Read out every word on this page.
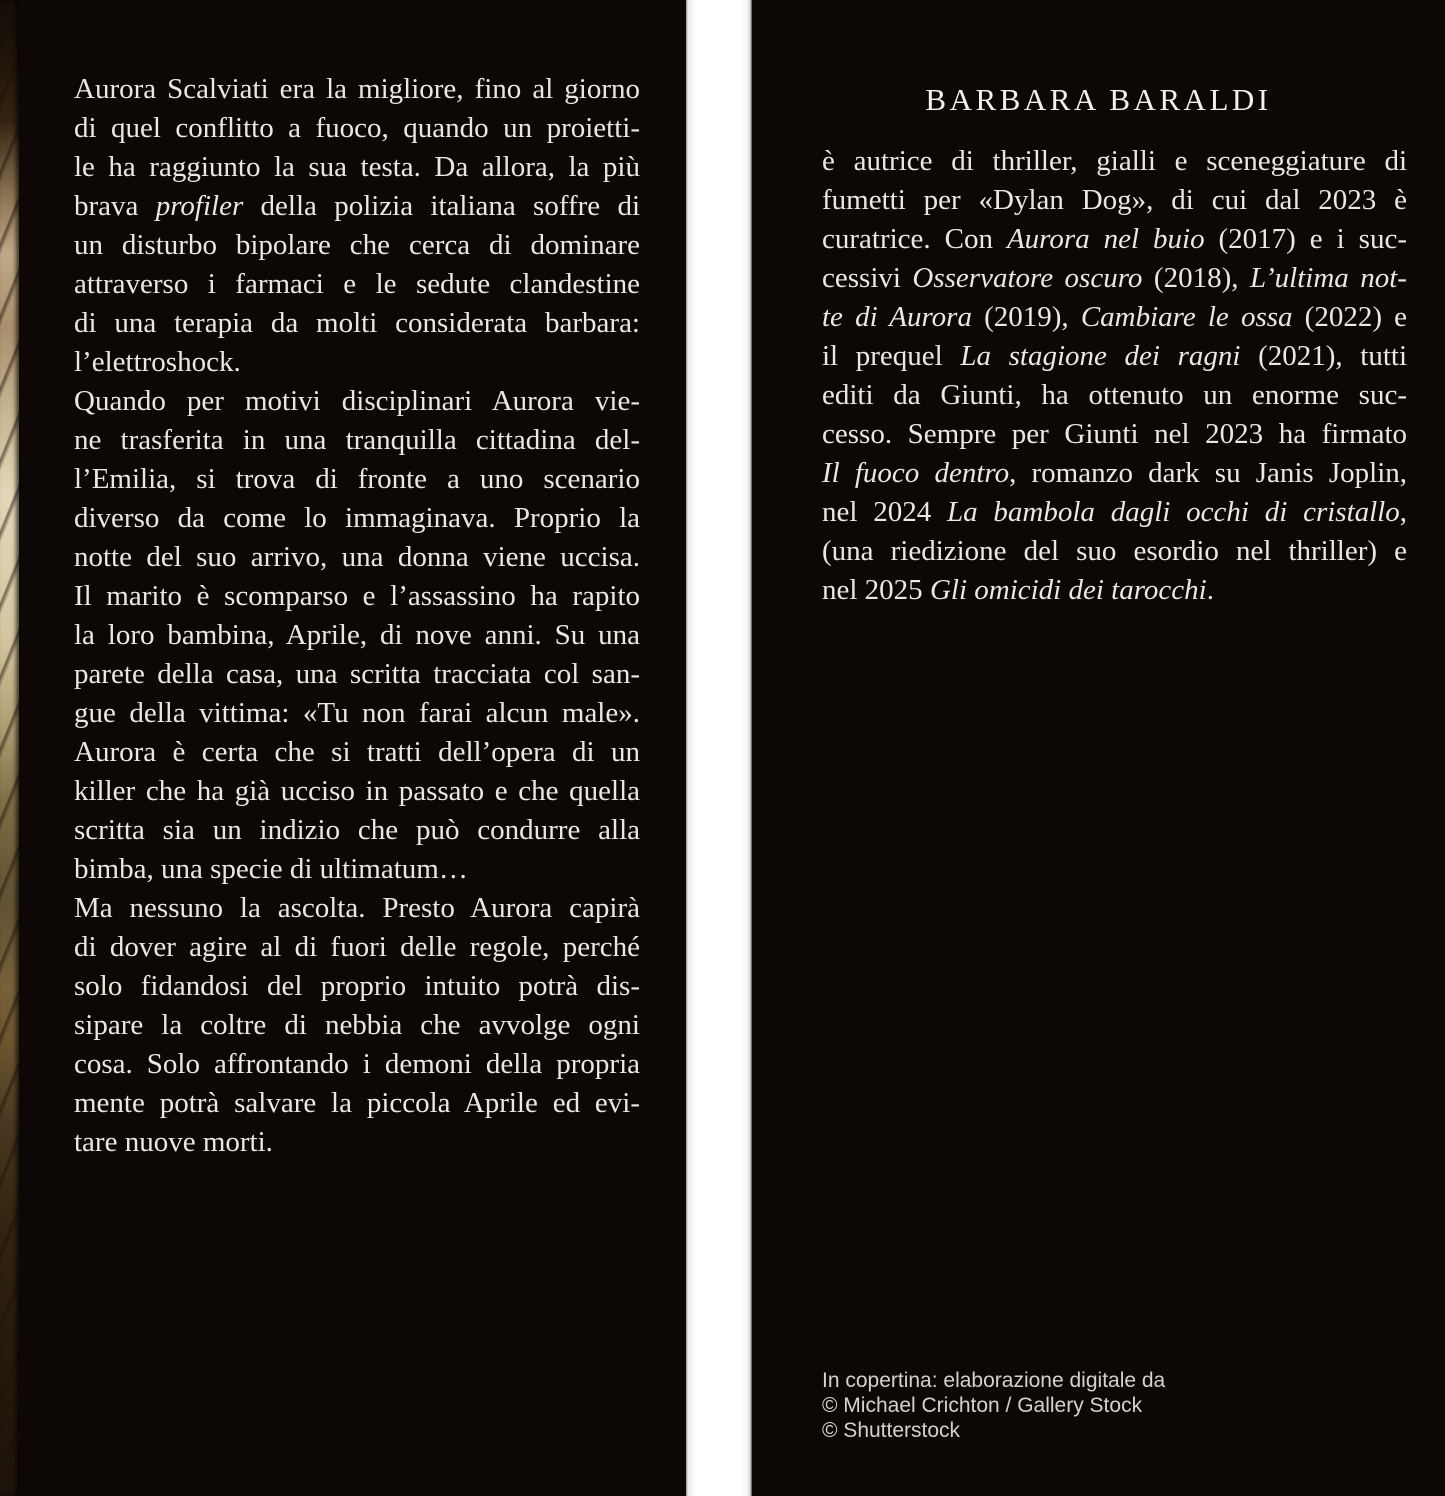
Aurora Scalviati era la migliore, fino al giorno
di quel conflitto a fuoco, quando un proietti-
le ha raggiunto la sua testa. Da allora, la più
brava profiler della polizia italiana soffre di
un disturbo bipolare che cerca di dominare
attraverso i farmaci e le sedute clandestine
di una terapia da molti considerata barbara:
l’elettroshock.
Quando per motivi disciplinari Aurora vie-
ne trasferita in una tranquilla cittadina del-
l’Emilia, si trova di fronte a uno scenario
diverso da come lo immaginava. Proprio la
notte del suo arrivo, una donna viene uccisa.
Il marito è scomparso e l’assassino ha rapito
la loro bambina, Aprile, di nove anni. Su una
parete della casa, una scritta tracciata col san-
gue della vittima: «Tu non farai alcun male».
Aurora è certa che si tratti dell’opera di un
killer che ha già ucciso in passato e che quella
scritta sia un indizio che può condurre alla
bimba, una specie di ultimatum…
Ma nessuno la ascolta. Presto Aurora capirà
di dover agire al di fuori delle regole, perché
solo fidandosi del proprio intuito potrà dis-
sipare la coltre di nebbia che avvolge ogni
cosa. Solo affrontando i demoni della propria
mente potrà salvare la piccola Aprile ed evi-
tare nuove morti.
BARBARA BARALDI
è autrice di thriller, gialli e sceneggiature di
fumetti per «Dylan Dog», di cui dal 2023 è
curatrice. Con Aurora nel buio (2017) e i suc-
cessivi Osservatore oscuro (2018), L’ultima not-
te di Aurora (2019), Cambiare le ossa (2022) e
il prequel La stagione dei ragni (2021), tutti
editi da Giunti, ha ottenuto un enorme suc-
cesso. Sempre per Giunti nel 2023 ha firmato
Il fuoco dentro, romanzo dark su Janis Joplin,
nel 2024 La bambola dagli occhi di cristallo,
(una riedizione del suo esordio nel thriller) e
nel 2025 Gli omicidi dei tarocchi.
In copertina: elaborazione digitale da
© Michael Crichton / Gallery Stock
© Shutterstock
